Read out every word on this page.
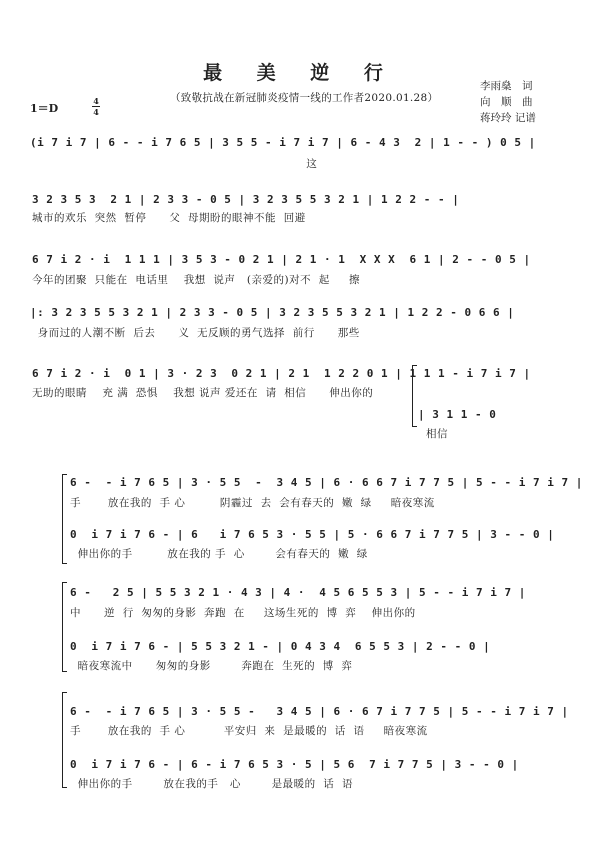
最 美 逆 行
（致敬抗战在新冠肺炎疫情一线的工作者2020.01.28）
李雨燊　词
向　顺　曲
蒋玲玲 记谱
1＝D
4
4
(i 7 i 7 | 6 - - i 7 6 5 | 3 5 5 - i 7 i 7 | 6 - 4 3  2 | 1 - - ) 0 5 |
这
3 2 3 5 3  2 1 | 2 3 3 - 0 5 | 3 2 3 5 5 3 2 1 | 1 2 2 - - |
城市的欢乐  突然  暂停      父  母期盼的眼神不能  回避
6 7 i 2 · i  1 1 1 | 3 5 3 - 0 2 1 | 2 1 · 1  X X X  6 1 | 2 - - 0 5 |
今年的团聚  只能在  电话里    我想  说声   (亲爱的)对不  起     擦
|: 3 2 3 5 5 3 2 1 | 2 3 3 - 0 5 | 3 2 3 5 5 3 2 1 | 1 2 2 - 0 6 6 |
身而过的人潮不断  后去      义  无反顾的勇气选择  前行      那些
6 7 i 2 · i  0 1 | 3 · 2 3  0 2 1 | 2 1  1 2 2 0 1 | 1 1 1 - i 7 i 7 |
无助的眼睛    充 满  恐惧    我想 说声 爱还在  请  相信      伸出你的
| 3 1 1 - 0
相信
6 -  - i 7 6 5 | 3 · 5 5  -  3 4 5 | 6 · 6 6 7 i 7 7 5 | 5 - - i 7 i 7 |
手       放在我的  手 心         阴霾过  去  会有春天的  嫩  绿     暗夜寒流
0  i 7 i 7 6 - | 6   i 7 6 5 3 · 5 5 | 5 · 6 6 7 i 7 7 5 | 3 - - 0 |
伸出你的手         放在我的 手  心        会有春天的  嫩  绿
6 -   2 5 | 5 5 3 2 1 · 4 3 | 4 ·  4 5 6 5 5 3 | 5 - - i 7 i 7 |
中      逆  行  匆匆的身影  奔跑  在     这场生死的  博  弈    伸出你的
0  i 7 i 7 6 - | 5 5 3 2 1 - | 0 4 3 4  6 5 5 3 | 2 - - 0 |
暗夜寒流中      匆匆的身影        奔跑在  生死的  博  弈
6 -  - i 7 6 5 | 3 · 5 5 -   3 4 5 | 6 · 6 7 i 7 7 5 | 5 - - i 7 i 7 |
手       放在我的  手 心          平安归  来  是最暖的  话  语     暗夜寒流
0  i 7 i 7 6 - | 6 - i 7 6 5 3 · 5 | 5 6  7 i 7 7 5 | 3 - - 0 |
伸出你的手        放在我的手   心        是最暖的  话  语
